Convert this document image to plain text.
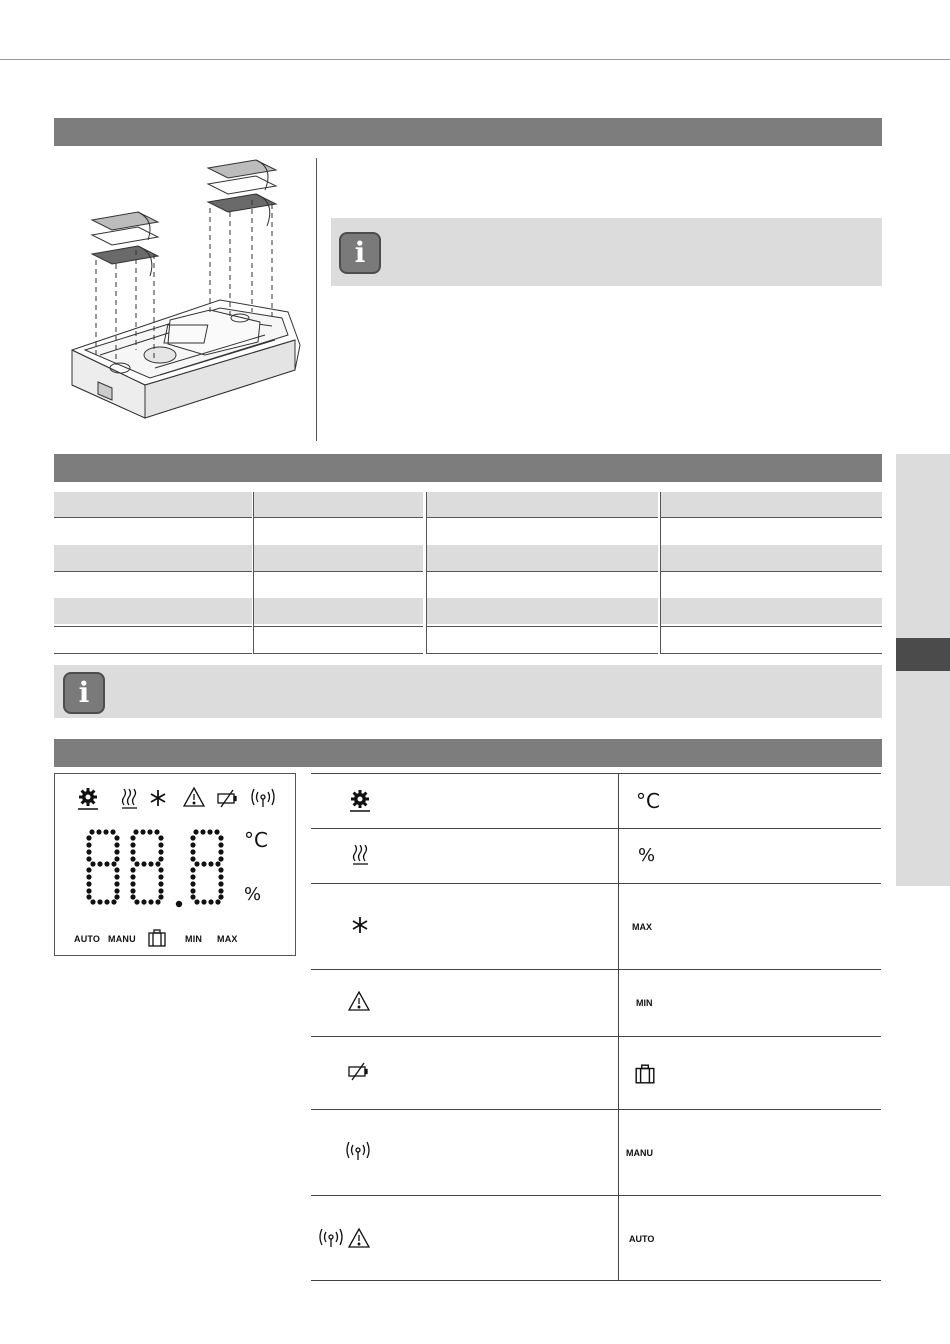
i
i
°C
%
AUTO MANU	MIN MAX
°C
%
MAX
MIN
MANU
AUTO
